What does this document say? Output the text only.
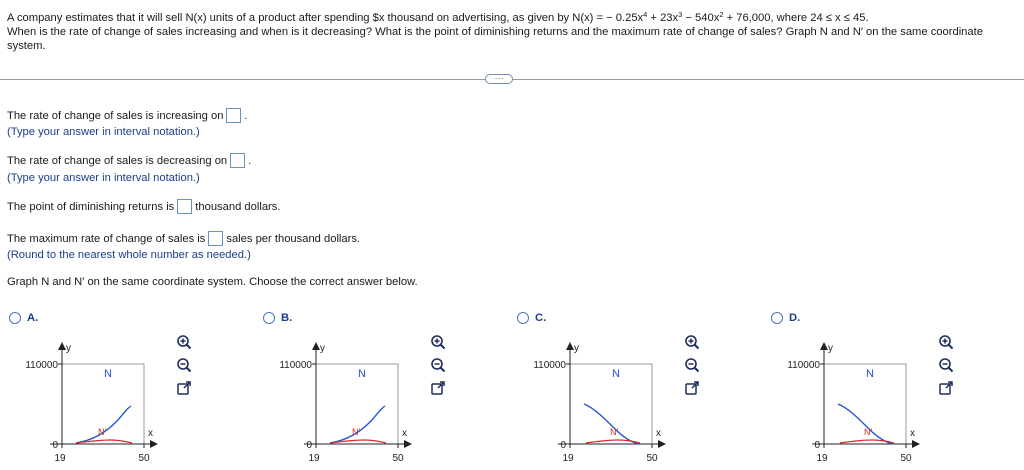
A company estimates that it will sell N(x) units of a product after spending $x thousand on advertising, as given by N(x) = − $0.25x^4 + 23x^3 - 540x^2 + 76,000$, where 24 ≤ x ≤ 45.

When is the rate of change of sales increasing and when is it decreasing? What is the point of diminishing returns and the maximum rate of change of sales? Graph N and N′ on the same coordinate system.

···
The rate of change of sales is increasing on .
(Type your answer in interval notation.)
The rate of change of sales is decreasing on .
(Type your answer in interval notation.)
The point of diminishing returns is thousand dollars.
The maximum rate of change of sales is sales per thousand dollars.
(Round to the nearest whole number as needed.)
Graph N and N′ on the same coordinate system. Choose the correct answer below.
A.	B.	C.	D.
y
x
110000
0
19	50
N
N′
y
x
110000
0
19	50
N
N′
y
x
110000
0
19	50
N
N′
y
x
110000
0
19	50
N
N′
